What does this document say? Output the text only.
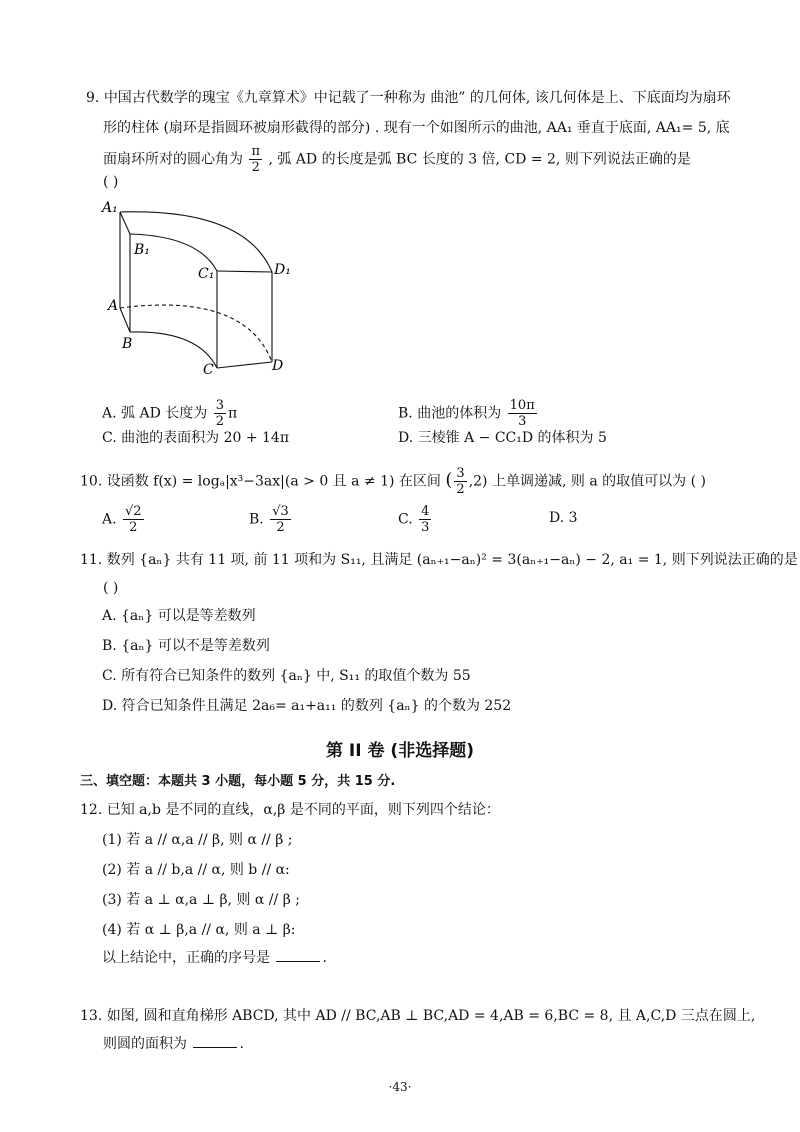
9. 中国古代数学的瑰宝《九章算术》中记载了一种称为 曲池” 的几何体, 该几何体是上、下底面均为扇环
形的柱体 (扇环是指圆环被扇形截得的部分) . 现有一个如图所示的曲池, AA₁ 垂直于底面, AA₁= 5, 底
面扇环所对的圆心角为 $\frac{\pi}{2}$ , 弧 AD 的长度是弧 BC 长度的 3 倍, CD = 2, 则下列说法正确的是
( )
A₁
B₁
C₁	D₁
A
B
C	D
A. 弧 AD 长度为 $\frac{3}{2}$ π	B. 曲池的体积为 $\frac{10\pi}{3}$
C. 曲池的表面积为 20 + 14π	D. 三棱锥 A − CC₁D 的体积为 5
10. 设函数 f(x) = logₐ|x³−3ax|(a > 0 且 a ≠ 1) 在区间 ( $\frac{3}{2} ,2$) 上单调递减, 则 a 的取值可以为 ( )
A. $\frac{√2}{2}$	B. $\frac{√3}{2}$	C. $\frac{4}{3}$	D. 3
11. 数列 {aₙ} 共有 11 项, 前 11 项和为 S₁₁, 且满足 (aₙ₊₁−aₙ)² = 3(aₙ₊₁−aₙ) − 2, a₁ = 1, 则下列说法正确的是
( )
A. {aₙ} 可以是等差数列
B. {aₙ} 可以不是等差数列
C. 所有符合已知条件的数列 {aₙ} 中, S₁₁ 的取值个数为 55
D. 符合已知条件且满足 2a₆= a₁+a₁₁ 的数列 {aₙ} 的个数为 252
第 II 卷 (非选择题)
三、填空题：本题共 3 小题，每小题 5 分，共 15 分.
12. 已知 a,b 是不同的直线，α,β 是不同的平面，则下列四个结论：
(1) 若 a // α,a // β, 则 α // β ;
(2) 若 a // b,a // α, 则 b // α:
(3) 若 a ⊥ α,a ⊥ β, 则 α // β ;
(4) 若 α ⊥ β,a // α, 则 a ⊥ β:
以上结论中，正确的序号是	.
13. 如图, 圆和直角梯形 ABCD, 其中 AD // BC,AB ⊥ BC,AD = 4,AB = 6,BC = 8, 且 A,C,D 三点在圆上,
则圆的面积为	.
·43·
